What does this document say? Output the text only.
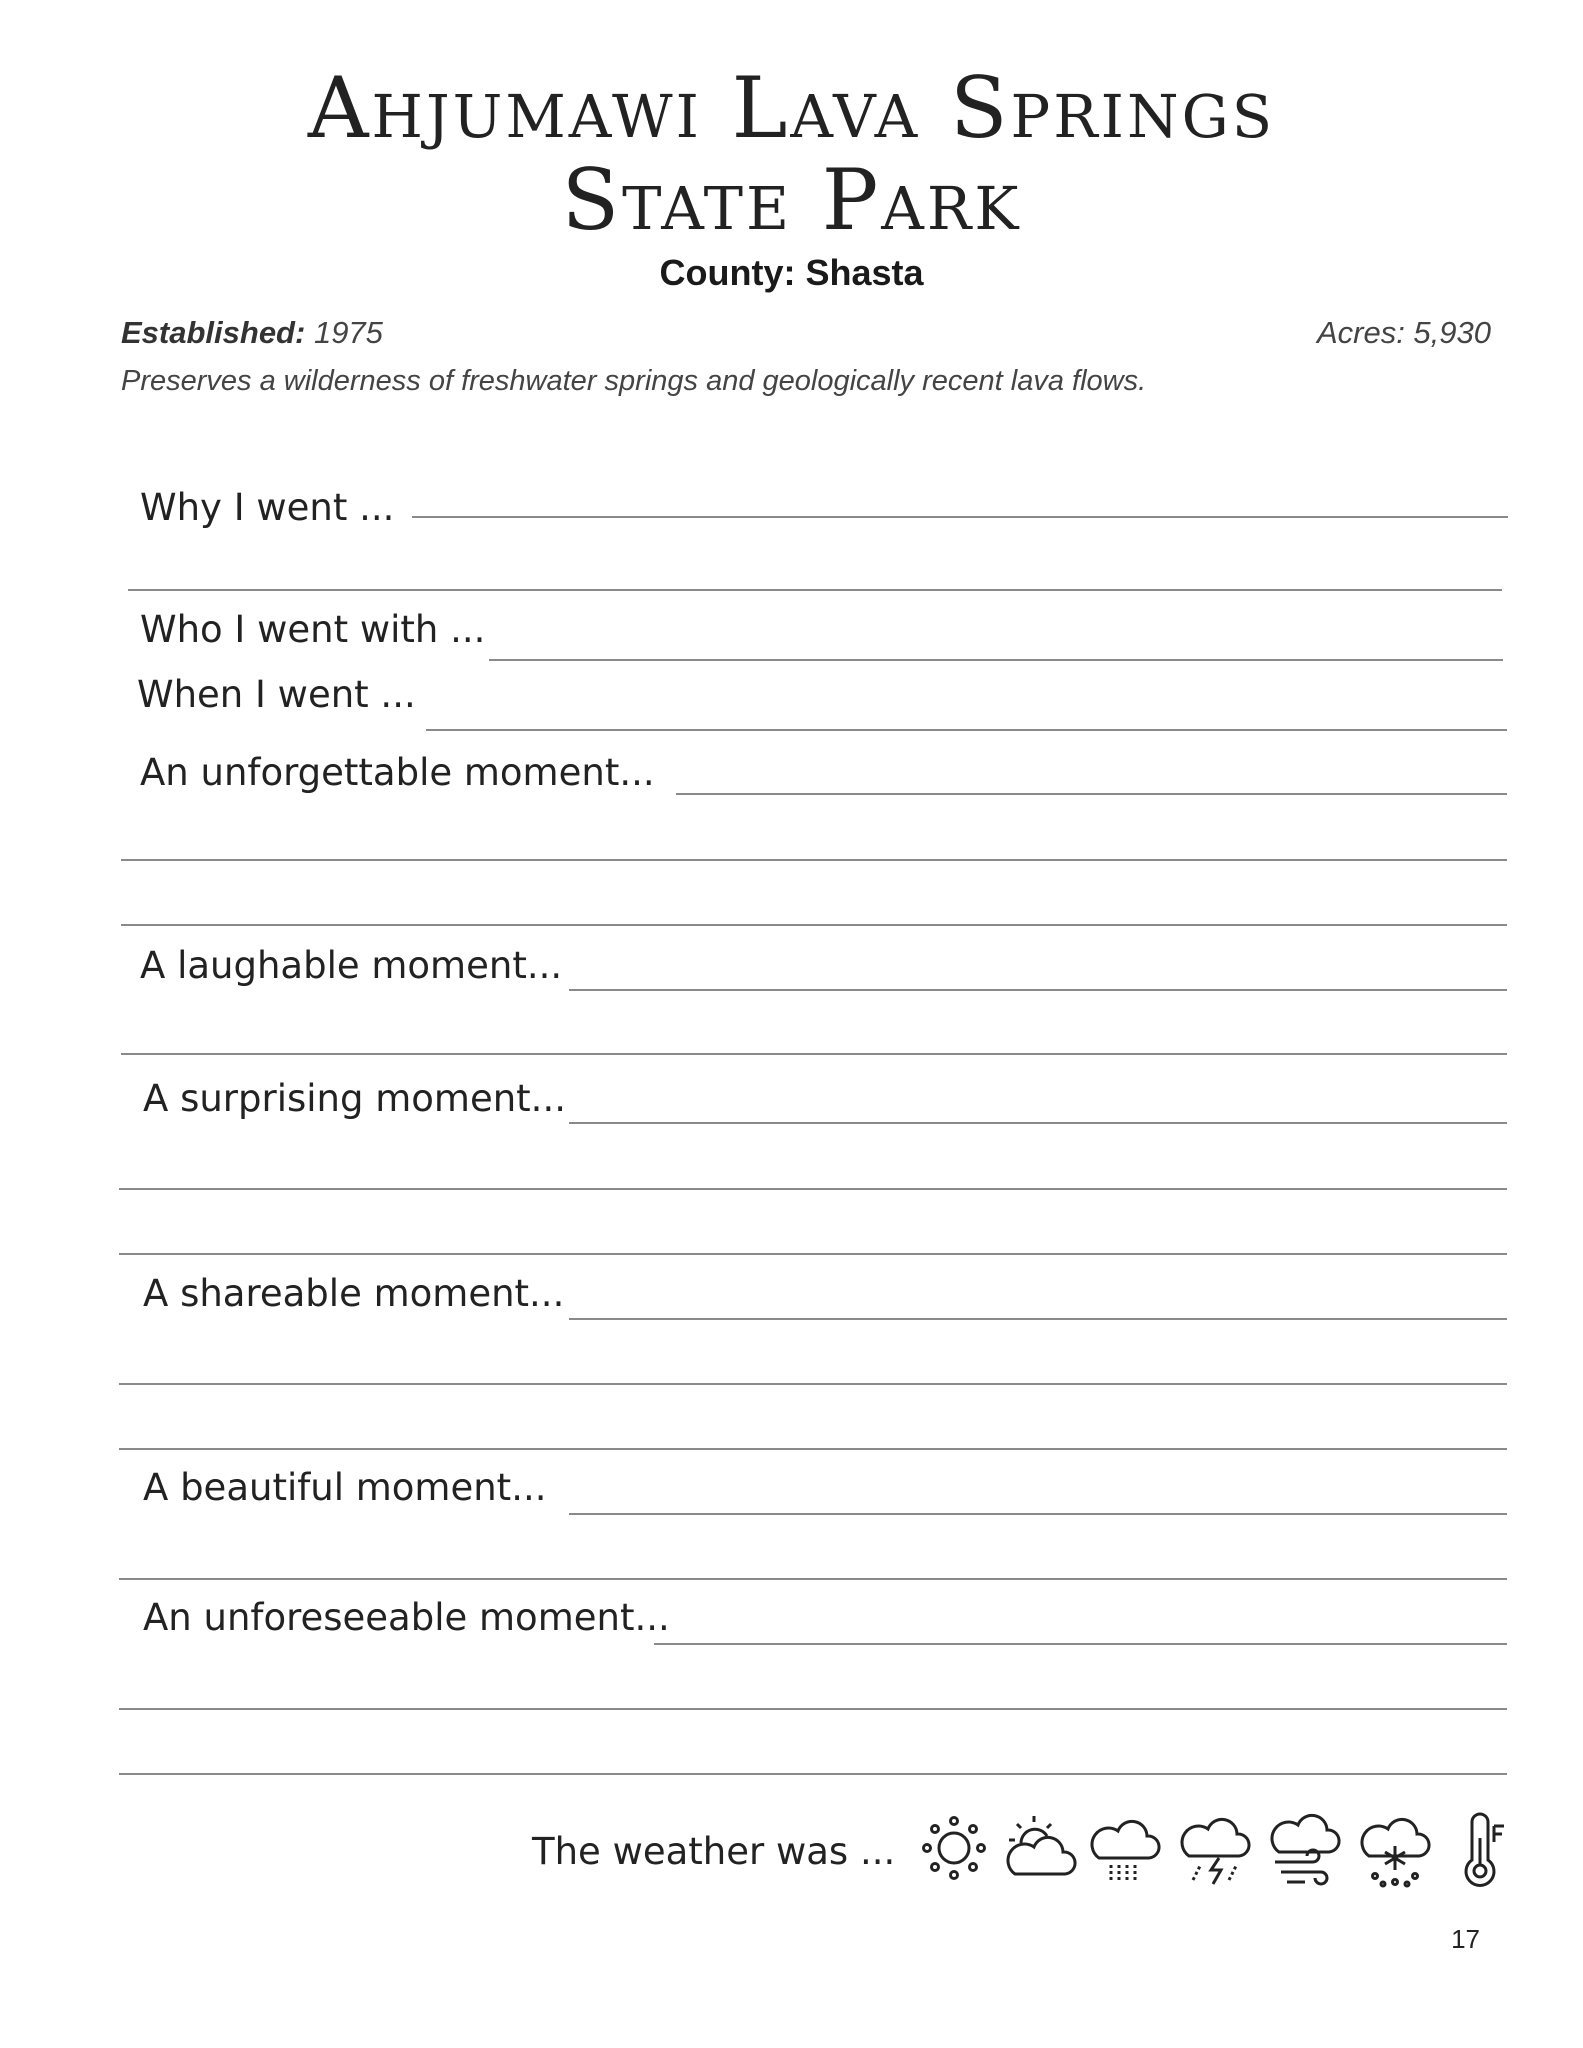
Ahjumawi Lava Springs
State Park
County: Shasta
Established: 1975	Acres: 5,930
Preserves a wilderness of freshwater springs and geologically recent lava flows.
Why I went ...
Who I went with ...
When I went ...
An unforgettable moment...
A laughable moment...
A surprising moment...
A shareable moment...
A beautiful moment...
An unforeseeable moment...
The weather was ...
17
